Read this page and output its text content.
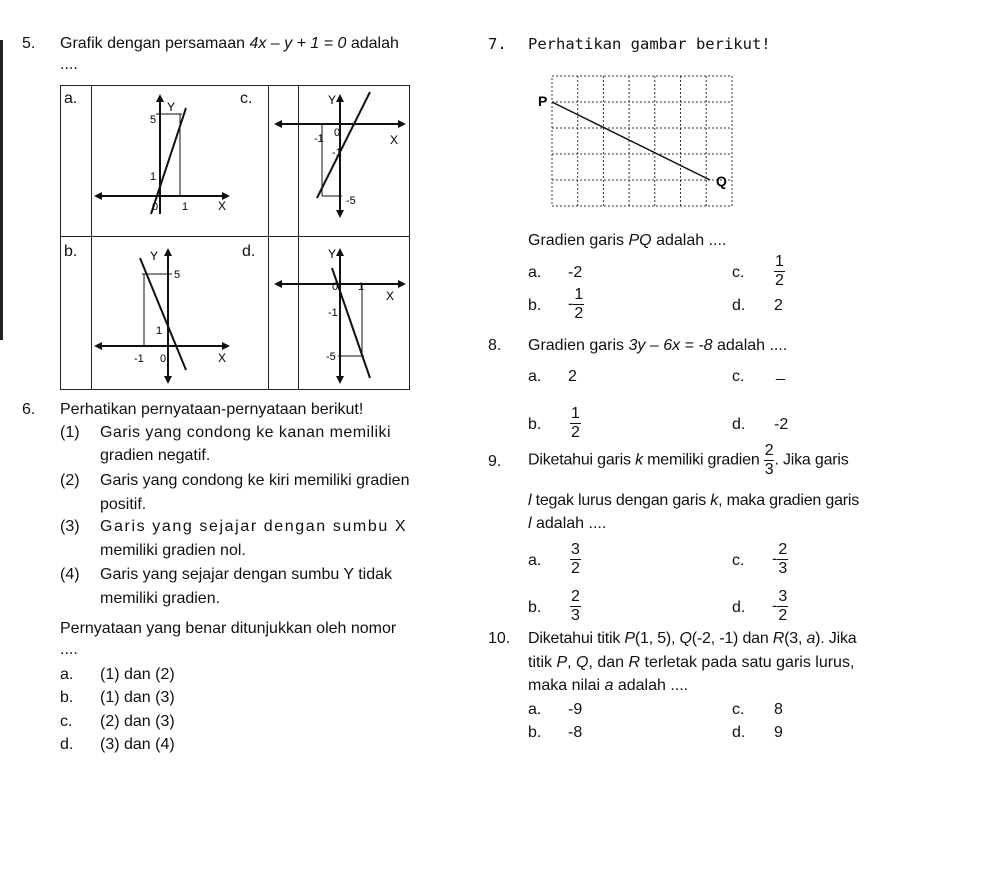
5. Grafik dengan persamaan 4x – y + 1 = 0 adalah
....
a.	c.
b.	d.
Y
X
5
1
0 1
Y
X
-1 0
-1
-5
Y
X
5
1
-1 0
Y
X
0 1
-1
-5
6. Perhatikan pernyataan-pernyataan berikut!
(1) Garis yang condong ke kanan memiliki
gradien negatif.
(2) Garis yang condong ke kiri memiliki gradien
positif.
(3) Garis yang sejajar dengan sumbu X
memiliki gradien nol.
(4) Garis yang sejajar dengan sumbu Y tidak
memiliki gradien.
Pernyataan yang benar ditunjukkan oleh nomor
....
a. (1) dan (2)
b. (1) dan (3)
c. (2) dan (3)
d. (3) dan (4)
7. Perhatikan gambar berikut!
P
Q
Gradien garis PQ adalah ....
a. -2	c. $\frac{1}{2}$
b. - $\frac{1}{2}$	d. 2
8. Gradien garis 3y – 6x = -8 adalah ....
a. 2	c. _
b. $\frac{1}{2}$	d. -2
9. Diketahui garis k memiliki gradien $\frac{2}{3}$ . Jika garis
l tegak lurus dengan garis k, maka gradien garis
l adalah ....
a. $\frac{3}{2}$	c. - $\frac{2}{3}$
b. $\frac{2}{3}$	d. - $\frac{3}{2}$
10. Diketahui titik P(1, 5), Q(-2, -1) dan R(3, a). Jika
titik P, Q, dan R terletak pada satu garis lurus,
maka nilai a adalah ....
a. -9	c. 8
b. -8	d. 9
